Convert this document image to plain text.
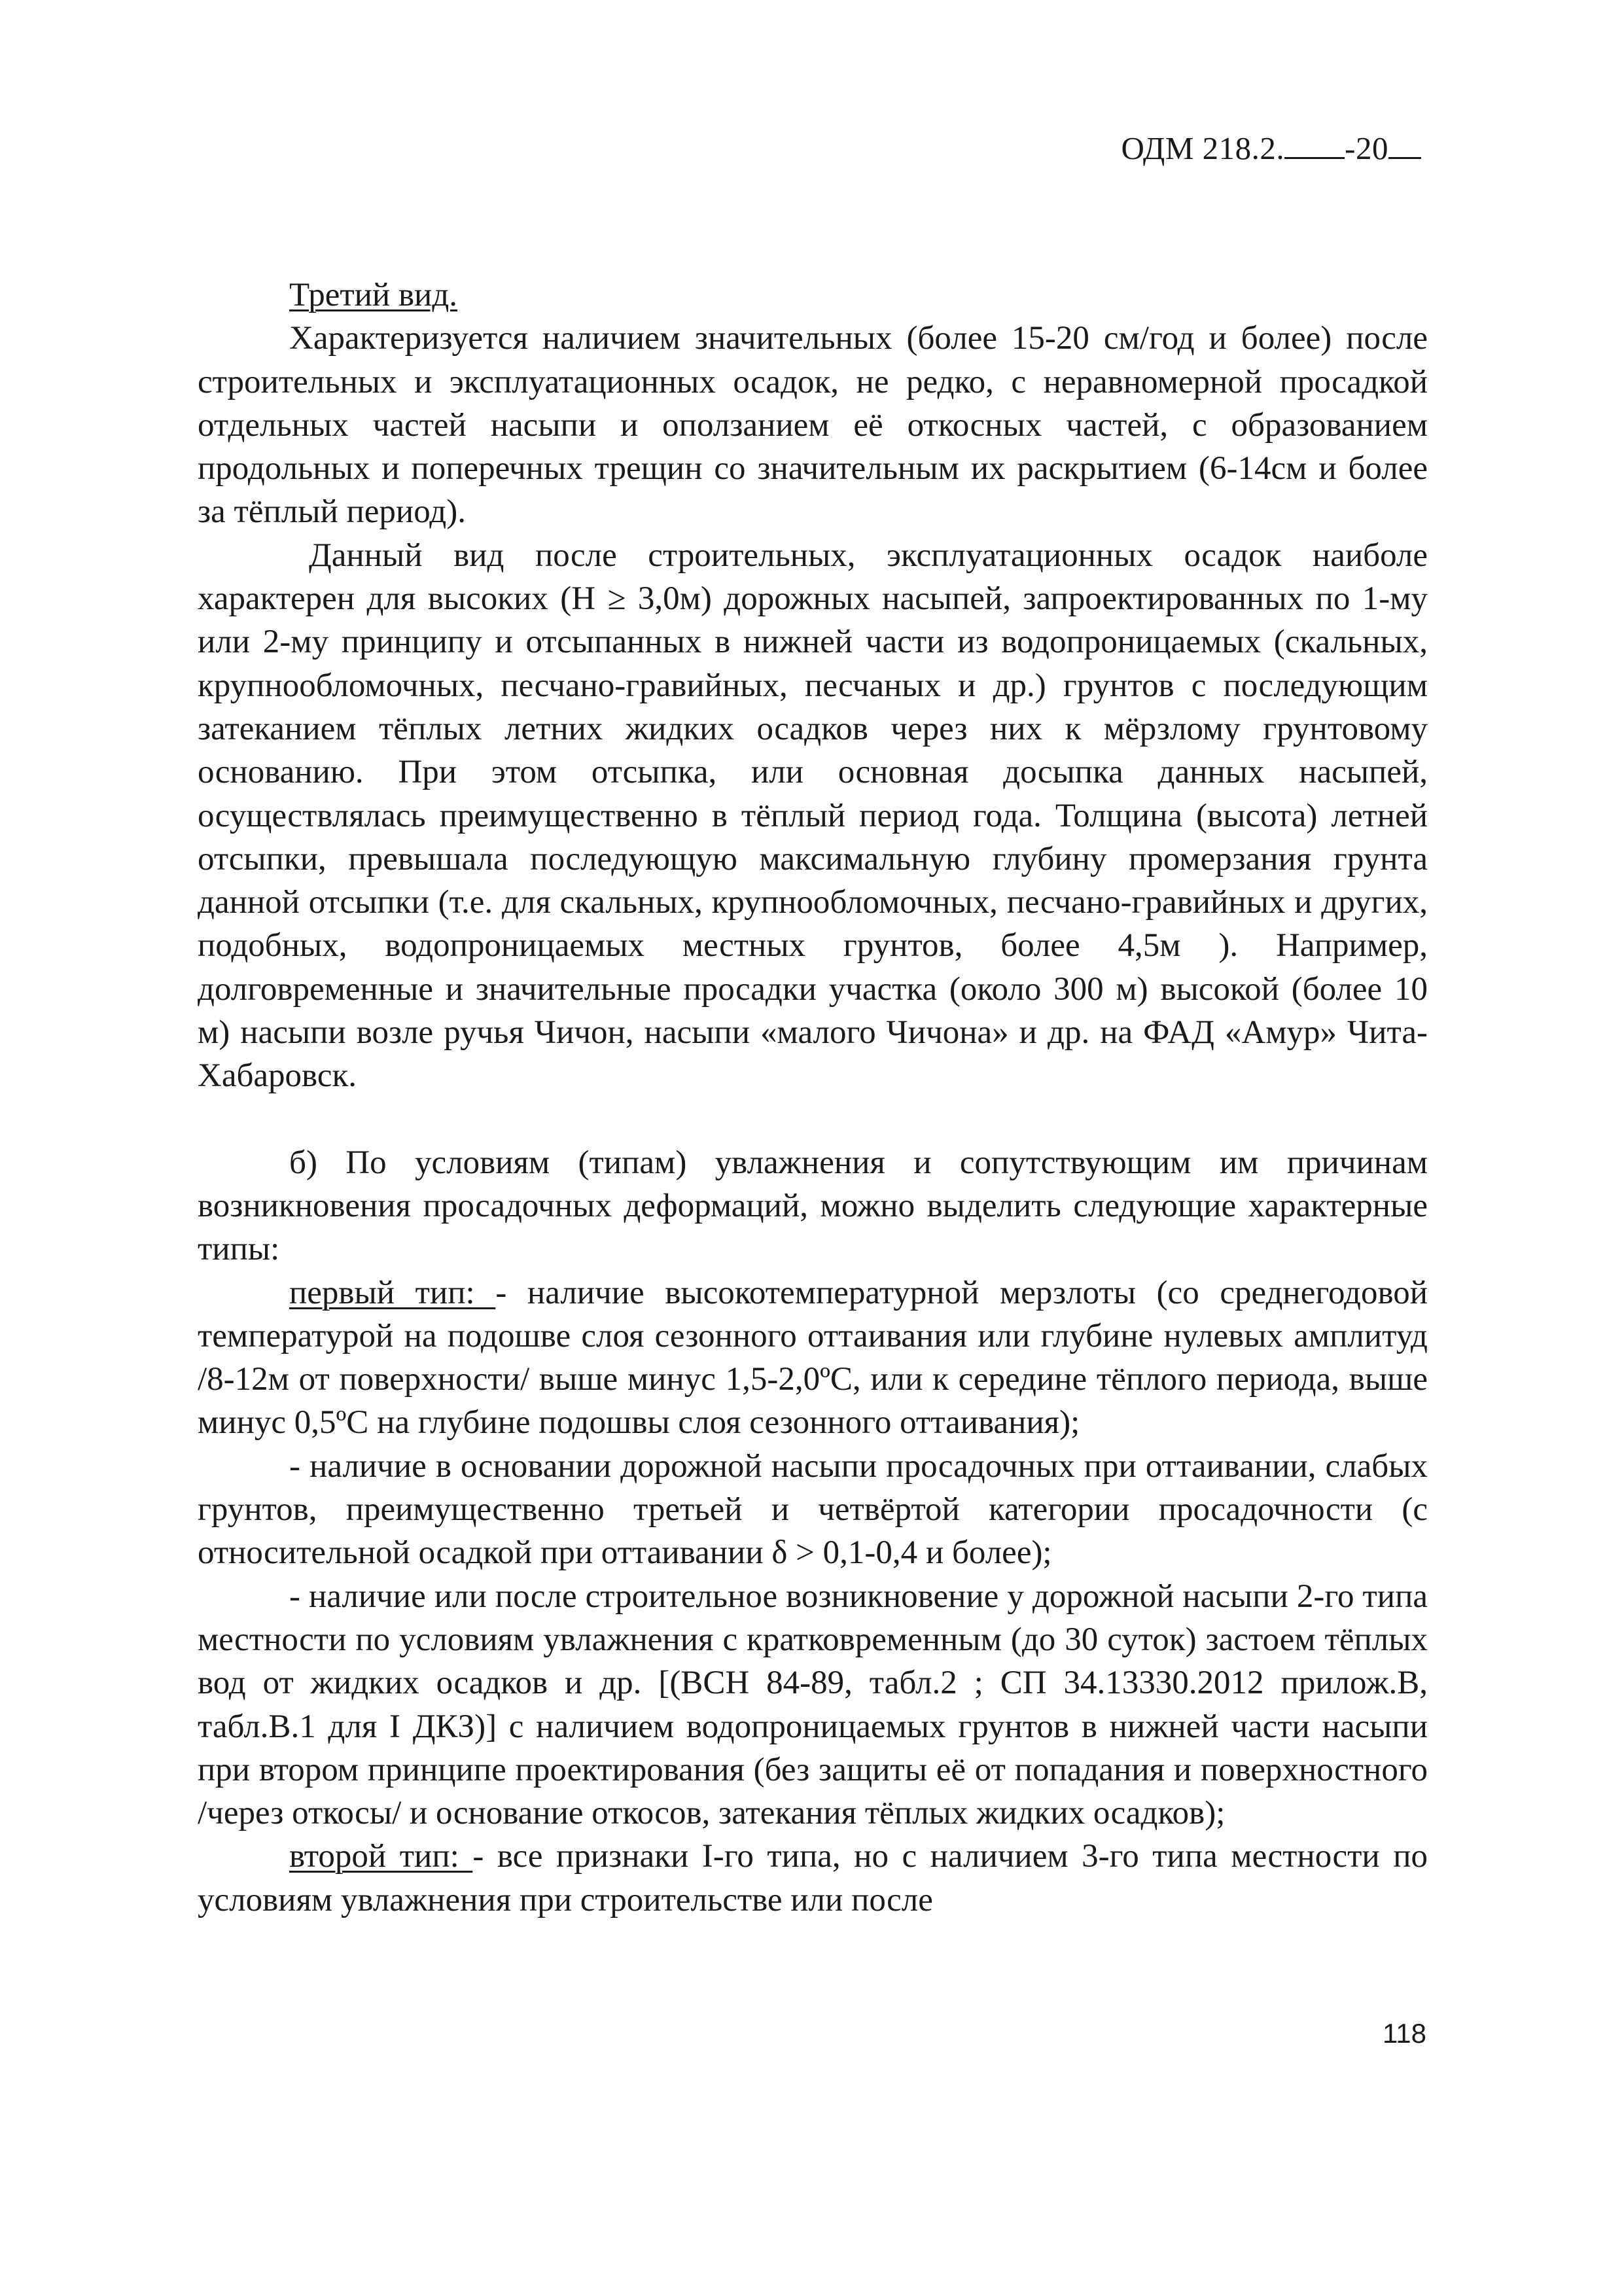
ОДМ 218.2. -20

Третий вид.

Характеризуется наличием значительных (более 15-20 см/год и более) после строительных и эксплуатационных осадок, не редко, с неравномерной просадкой отдельных частей насыпи и оползанием её откосных частей, с образованием продольных и поперечных трещин со значительным их раскрытием (6-14см и более за тёплый период).

Данный вид после строительных, эксплуатационных осадок наиболе характерен для высоких (Н ≥ 3,0м) дорожных насыпей, запроектированных по 1-му или 2-му принципу и отсыпанных в нижней части из водопроницаемых (скальных, крупнообломочных, песчано-гравийных, песчаных и др.) грунтов с последующим затеканием тёплых летних жидких осадков через них к мёрзлому грунтовому основанию. При этом отсыпка, или основная досыпка данных насыпей, осуществлялась преимущественно в тёплый период года. Толщина (высота) летней отсыпки, превышала последующую максимальную глубину промерзания грунта данной отсыпки (т.е. для скальных, крупнообломочных, песчано-гравийных и других, подобных, водопроницаемых местных грунтов, более 4,5м ). Например, долговременные и значительные просадки участка (около 300 м) высокой (более 10 м) насыпи возле ручья Чичон, насыпи «малого Чичона» и др. на ФАД «Амур» Чита-Хабаровск.

б) По условиям (типам) увлажнения и сопутствующим им причинам возникновения просадочных деформаций, можно выделить следующие характерные типы:

первый тип: - наличие высокотемпературной мерзлоты (со среднегодовой температурой на подошве слоя сезонного оттаивания или глубине нулевых амплитуд /8-12м от поверхности/ выше минус 1,5-2,0ºС, или к середине тёплого периода, выше минус 0,5ºС на глубине подошвы слоя сезонного оттаивания);

- наличие в основании дорожной насыпи просадочных при оттаивании, слабых грунтов, преимущественно третьей и четвёртой категории просадочности (с относительной осадкой при оттаивании δ > 0,1-0,4 и более);

- наличие или после строительное возникновение у дорожной насыпи 2-го типа местности по условиям увлажнения с кратковременным (до 30 суток) застоем тёплых вод от жидких осадков и др. [(ВСН 84-89, табл.2 ; СП 34.13330.2012 прилож.В, табл.В.1 для I ДКЗ)] с наличием водопроницаемых грунтов в нижней части насыпи при втором принципе проектирования (без защиты её от попадания и поверхностного /через откосы/ и основание откосов, затекания тёплых жидких осадков);

второй тип: - все признаки I-го типа, но с наличием 3-го типа местности по условиям увлажнения при строительстве или после

118
